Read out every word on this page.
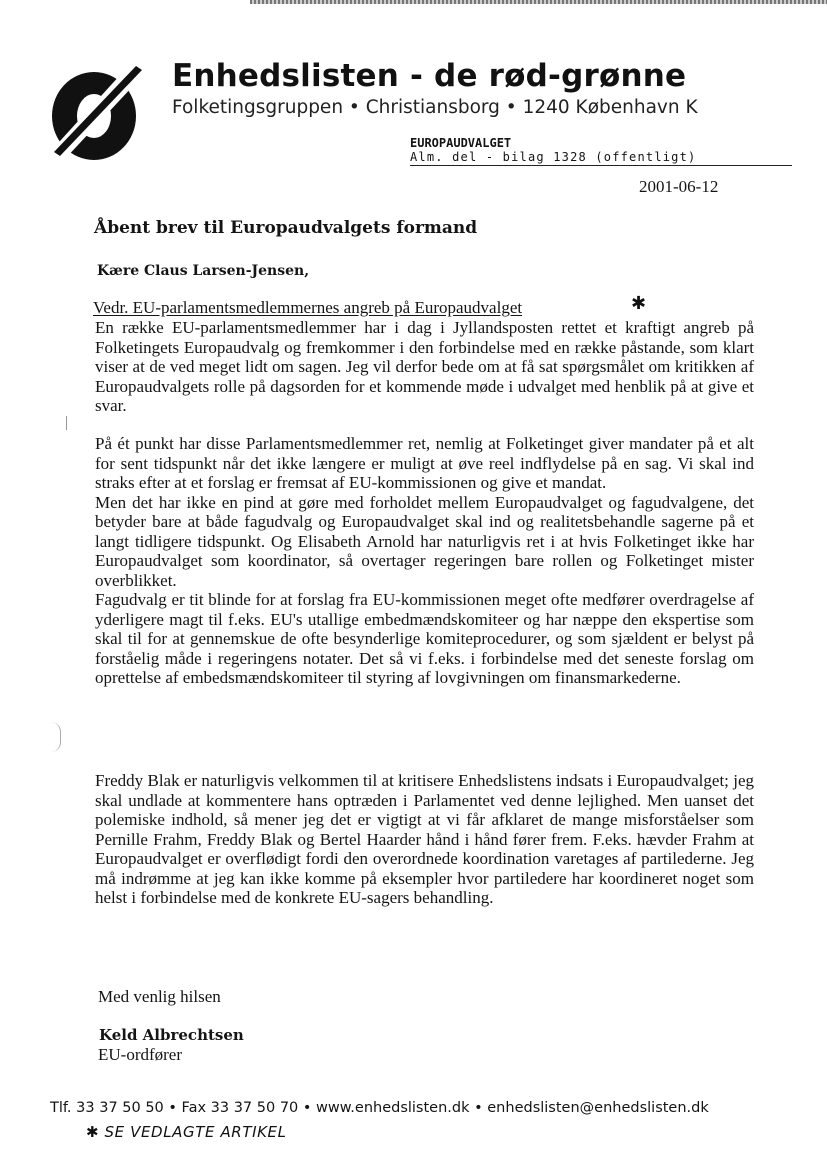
Enhedslisten - de rød-grønne
Folketingsgruppen • Christiansborg • 1240 København K
EUROPAUDVALGET
Alm. del - bilag 1328 (offentligt)
2001-06-12
Åbent brev til Europaudvalgets formand
Kære Claus Larsen-Jensen,
Vedr. EU-parlamentsmedlemmernes angreb på Europaudvalget	✱

En række EU-parlamentsmedlemmer har i dag i Jyllandsposten rettet et kraftigt angreb på Folketingets Europaudvalg og fremkommer i den forbindelse med en række påstande, som klart viser at de ved meget lidt om sagen. Jeg vil derfor bede om at få sat spørgsmålet om kritikken af Europaudvalgets rolle på dagsorden for et kommende møde i udvalget med henblik på at give et svar.

På ét punkt har disse Parlamentsmedlemmer ret, nemlig at Folketinget giver mandater på et alt for sent tidspunkt når det ikke længere er muligt at øve reel indflydelse på en sag. Vi skal ind straks efter at et forslag er fremsat af EU-kommissionen og give et mandat.
Men det har ikke en pind at gøre med forholdet mellem Europaudvalget og fagudvalgene, det betyder bare at både fagudvalg og Europaudvalget skal ind og realitetsbehandle sagerne på et langt tidligere tidspunkt. Og Elisabeth Arnold har naturligvis ret i at hvis Folketinget ikke har Europaudvalget som koordinator, så overtager regeringen bare rollen og Folketinget mister overblikket.
Fagudvalg er tit blinde for at forslag fra EU-kommissionen meget ofte medfører overdragelse af yderligere magt til f.eks. EU's utallige embedmændskomiteer og har næppe den ekspertise som skal til for at gennemskue de ofte besynderlige komiteprocedurer, og som sjældent er belyst på forståelig måde i regeringens notater. Det så vi f.eks. i forbindelse med det seneste forslag om oprettelse af embedsmændskomiteer til styring af lovgivningen om finansmarkederne.

Freddy Blak er naturligvis velkommen til at kritisere Enhedslistens indsats i Europaudvalget; jeg skal undlade at kommentere hans optræden i Parlamentet ved denne lejlighed. Men uanset det polemiske indhold, så mener jeg det er vigtigt at vi får afklaret de mange misforståelser som Pernille Frahm, Freddy Blak og Bertel Haarder hånd i hånd fører frem. F.eks. hævder Frahm at Europaudvalget er overflødigt fordi den overordnede koordination varetages af partilederne. Jeg må indrømme at jeg kan ikke komme på eksempler hvor partiledere har koordineret noget som helst i forbindelse med de konkrete EU-sagers behandling.

Med venlig hilsen
Keld Albrechtsen
EU-ordfører
Tlf. 33 37 50 50 • Fax 33 37 50 70 • www.enhedslisten.dk • enhedslisten@enhedslisten.dk
✱ SE VEDLAGTE ARTIKEL
